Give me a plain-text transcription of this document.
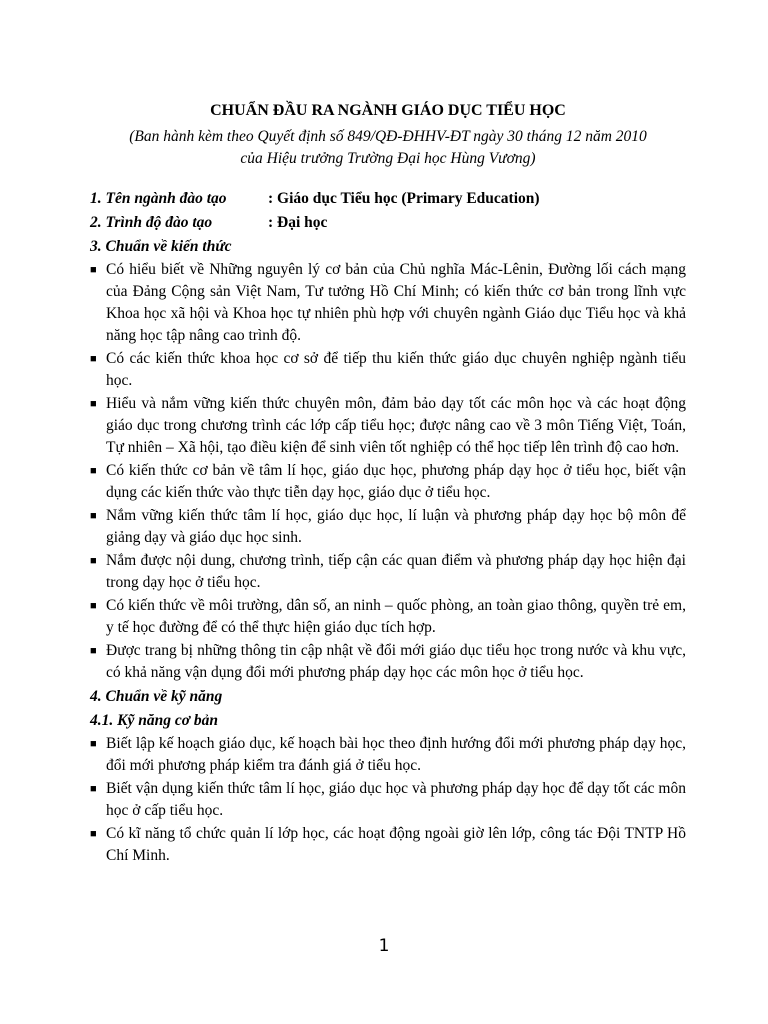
CHUẨN ĐẦU RA NGÀNH GIÁO DỤC TIỂU HỌC
(Ban hành kèm theo Quyết định số 849/QĐ-ĐHHV-ĐT ngày 30 tháng 12 năm 2010
của Hiệu trưởng Trường Đại học Hùng Vương)
1. Tên ngành đào tạo	: Giáo dục Tiểu học (Primary Education)
2. Trình độ đào tạo	: Đại học
3. Chuẩn về kiến thức
■ Có hiểu biết về Những nguyên lý cơ bản của Chủ nghĩa Mác-Lênin, Đường lối cách mạng của Đảng Cộng sản Việt Nam, Tư tưởng Hồ Chí Minh; có kiến thức cơ bản trong lĩnh vực Khoa học xã hội và Khoa học tự nhiên phù hợp với chuyên ngành Giáo dục Tiểu học và khả năng học tập nâng cao trình độ.
■ Có các kiến thức khoa học cơ sở để tiếp thu kiến thức giáo dục chuyên nghiệp ngành tiểu học.
■ Hiểu và nắm vững kiến thức chuyên môn, đảm bảo dạy tốt các môn học và các hoạt động giáo dục trong chương trình các lớp cấp tiểu học; được nâng cao về 3 môn Tiếng Việt, Toán, Tự nhiên – Xã hội, tạo điều kiện để sinh viên tốt nghiệp có thể học tiếp lên trình độ cao hơn.
■ Có kiến thức cơ bản về tâm lí học, giáo dục học, phương pháp dạy học ở tiểu học, biết vận dụng các kiến thức vào thực tiễn dạy học, giáo dục ở tiểu học.
■ Nắm vững kiến thức tâm lí học, giáo dục học, lí luận và phương pháp dạy học bộ môn để giảng dạy và giáo dục học sinh.
■ Nắm được nội dung, chương trình, tiếp cận các quan điểm và phương pháp dạy học hiện đại trong dạy học ở tiểu học.
■ Có kiến thức về môi trường, dân số, an ninh – quốc phòng, an toàn giao thông, quyền trẻ em, y tế học đường để có thể thực hiện giáo dục tích hợp.
■ Được trang bị những thông tin cập nhật về đổi mới giáo dục tiểu học trong nước và khu vực, có khả năng vận dụng đổi mới phương pháp dạy học các môn học ở tiểu học.
4. Chuẩn về kỹ năng
4.1. Kỹ năng cơ bản
■ Biết lập kế hoạch giáo dục, kế hoạch bài học theo định hướng đổi mới phương pháp dạy học, đổi mới phương pháp kiểm tra đánh giá ở tiểu học.
■ Biết vận dụng kiến thức tâm lí học, giáo dục học và phương pháp dạy học để dạy tốt các môn học ở cấp tiểu học.
■ Có kĩ năng tổ chức quản lí lớp học, các hoạt động ngoài giờ lên lớp, công tác Đội TNTP Hồ Chí Minh.
1
